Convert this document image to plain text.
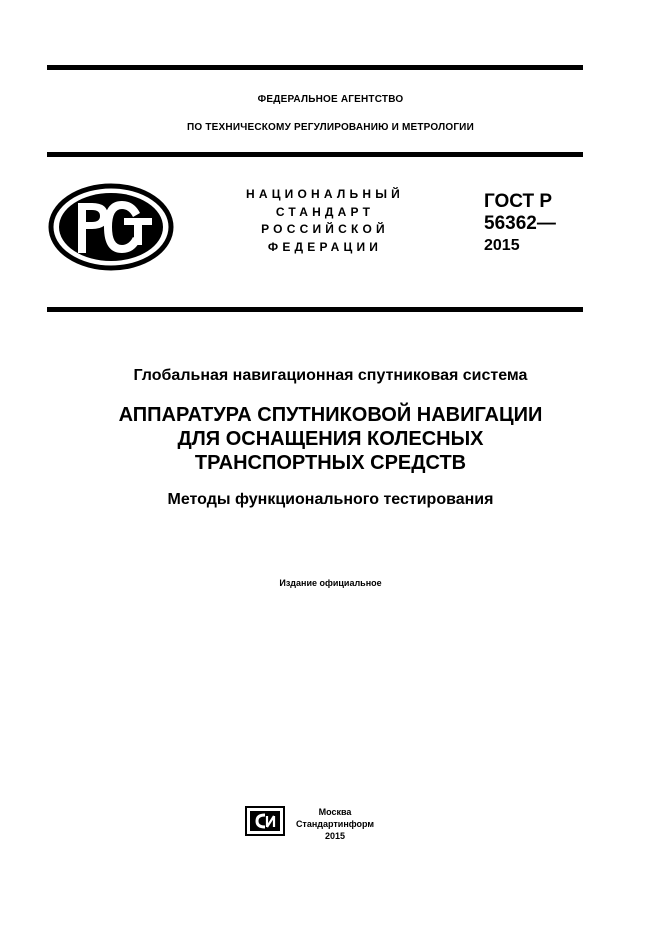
ФЕДЕРАЛЬНОЕ АГЕНТСТВО
ПО ТЕХНИЧЕСКОМУ РЕГУЛИРОВАНИЮ И МЕТРОЛОГИИ
НАЦИОНАЛЬНЫЙ
СТАНДАРТ
РОССИЙСКОЙ
ФЕДЕРАЦИИ
ГОСТ Р
56362—
2015
Глобальная навигационная спутниковая система
АППАРАТУРА СПУТНИКОВОЙ НАВИГАЦИИ
ДЛЯ ОСНАЩЕНИЯ КОЛЕСНЫХ
ТРАНСПОРТНЫХ СРЕДСТВ
Методы функционального тестирования
Издание официальное
Москва
Стандартинформ
2015
